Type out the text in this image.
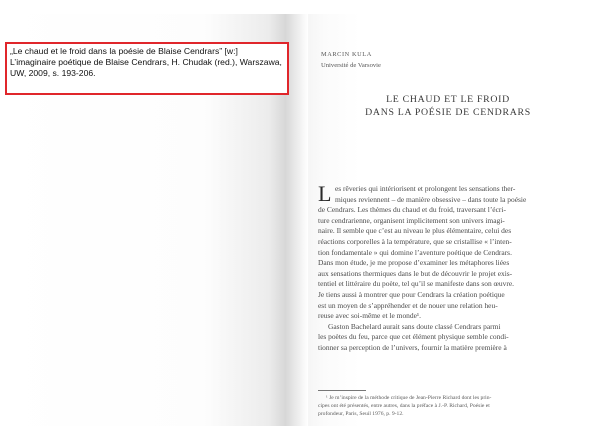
„Le chaud et le froid dans la poésie de Blaise Cendrars” [w:]
L’imaginaire poétique de Blaise Cendrars, H. Chudak (red.), Warszawa,
UW, 2009, s. 193-206.
MARCIN KULA
Université de Varsovie
LE CHAUD ET LE FROID
DANS LA POÉSIE DE CENDRARS
L es rêveries qui intériorisent et prolongent les sensations ther-
miques reviennent – de manière obsessive – dans toute la poésie
de Cendrars. Les thèmes du chaud et du froid, traversant l’écri-
ture cendrarienne, organisent implicitement son univers imagi-
naire. Il semble que c’est au niveau le plus élémentaire, celui des
réactions corporelles à la température, que se cristallise « l’inten-
tion fondamentale » qui domine l’aventure poétique de Cendrars.
Dans mon étude, je me propose d’examiner les métaphores liées
aux sensations thermiques dans le but de découvrir le projet exis-
tentiel et littéraire du poète, tel qu’il se manifeste dans son œuvre.
Je tiens aussi à montrer que pour Cendrars la création poétique
est un moyen de s’appréhender et de nouer une relation heu-
reuse avec soi-même et le monde¹.
Gaston Bachelard aurait sans doute classé Cendrars parmi
les poètes du feu, parce que cet élément physique semble condi-
tionner sa perception de l’univers, fournir la matière première à
¹ Je m’inspire de la méthode critique de Jean-Pierre Richard dont les prin-
cipes ont été présentés, entre autres, dans la préface à J.-P. Richard, Poésie et
profondeur, Paris, Seuil 1976, p. 9-12.
